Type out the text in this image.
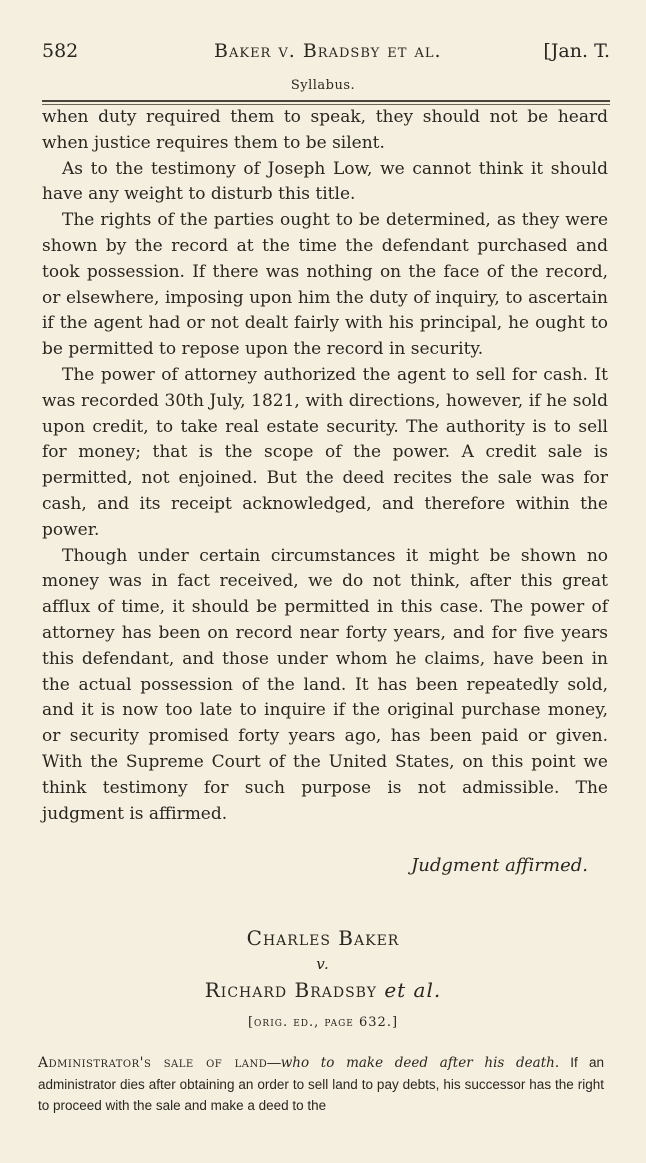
582	Baker v. Bradsby et al.	[Jan. T.
Syllabus.

when duty required them to speak, they should not be heard when justice requires them to be silent.

As to the testimony of Joseph Low, we cannot think it should have any weight to disturb this title.

The rights of the parties ought to be determined, as they were shown by the record at the time the defendant purchased and took possession. If there was nothing on the face of the record, or elsewhere, imposing upon him the duty of inquiry, to ascertain if the agent had or not dealt fairly with his principal, he ought to be permitted to repose upon the record in security.

The power of attorney authorized the agent to sell for cash. It was recorded 30th July, 1821, with directions, however, if he sold upon credit, to take real estate security. The authority is to sell for money; that is the scope of the power. A credit sale is permitted, not enjoined. But the deed recites the sale was for cash, and its receipt acknowledged, and therefore within the power.

Though under certain circumstances it might be shown no money was in fact received, we do not think, after this great afflux of time, it should be permitted in this case. The power of attorney has been on record near forty years, and for five years this defendant, and those under whom he claims, have been in the actual possession of the land. It has been repeatedly sold, and it is now too late to inquire if the original purchase money, or security promised forty years ago, has been paid or given. With the Supreme Court of the United States, on this point we think testimony for such purpose is not admissible. The judgment is affirmed.

Judgment affirmed.
Charles Baker
v.
Richard Bradsby et al.
[orig. ed., page 632.]
Administrator's sale of land—who to make deed after his death. If an administrator dies after obtaining an order to sell land to pay debts, his successor has the right to proceed with the sale and make a deed to the
